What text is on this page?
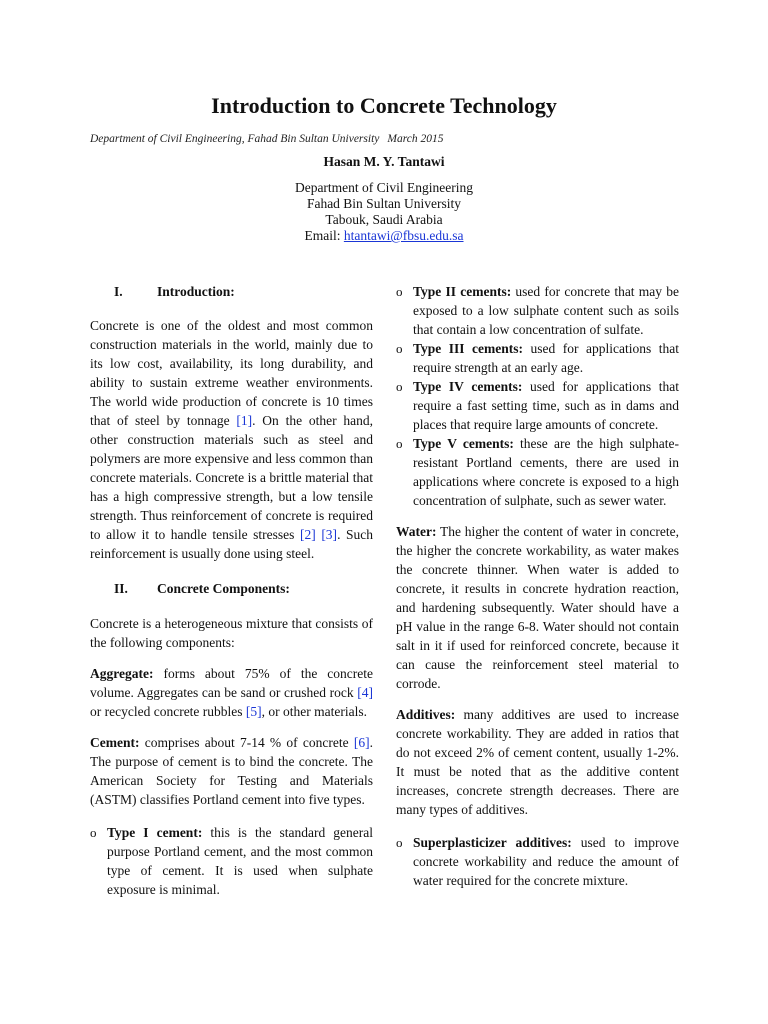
Introduction to Concrete Technology
Department of Civil Engineering, Fahad Bin Sultan University March 2015
Hasan M. Y. Tantawi
Department of Civil Engineering
Fahad Bin Sultan University
Tabouk, Saudi Arabia
Email: htantawi@fbsu.edu.sa
I.	Introduction:

Concrete is one of the oldest and most common construction materials in the world, mainly due to its low cost, availability, its long durability, and ability to sustain extreme weather environments. The world wide production of concrete is 10 times that of steel by tonnage [1]. On the other hand, other construction materials such as steel and polymers are more expensive and less common than concrete materials. Concrete is a brittle material that has a high compressive strength, but a low tensile strength. Thus reinforcement of concrete is required to allow it to handle tensile stresses [2] [3]. Such reinforcement is usually done using steel.

II. Concrete Components:

Concrete is a heterogeneous mixture that consists of the following components:

Aggregate: forms about 75% of the concrete volume. Aggregates can be sand or crushed rock [4] or recycled concrete rubbles [5], or other materials.

Cement: comprises about 7-14 % of concrete [6]. The purpose of cement is to bind the concrete. The American Society for Testing and Materials (ASTM) classifies Portland cement into five types.

o Type I cement: this is the standard general purpose Portland cement, and the most common type of cement. It is used when sulphate exposure is minimal.
o Type II cements: used for concrete that may be exposed to a low sulphate content such as soils that contain a low concentration of sulfate.
o Type III cements: used for applications that require strength at an early age.
o Type IV cements: used for applications that require a fast setting time, such as in dams and places that require large amounts of concrete.
o Type V cements: these are the high sulphate-resistant Portland cements, there are used in applications where concrete is exposed to a high concentration of sulphate, such as sewer water.

Water: The higher the content of water in concrete, the higher the concrete workability, as water makes the concrete thinner. When water is added to concrete, it results in concrete hydration reaction, and hardening subsequently. Water should have a pH value in the range 6-8. Water should not contain salt in it if used for reinforced concrete, because it can cause the reinforcement steel material to corrode.

Additives: many additives are used to increase concrete workability. They are added in ratios that do not exceed 2% of cement content, usually 1-2%. It must be noted that as the additive content increases, concrete strength decreases. There are many types of additives.

o Superplasticizer additives: used to improve concrete workability and reduce the amount of water required for the concrete mixture.
